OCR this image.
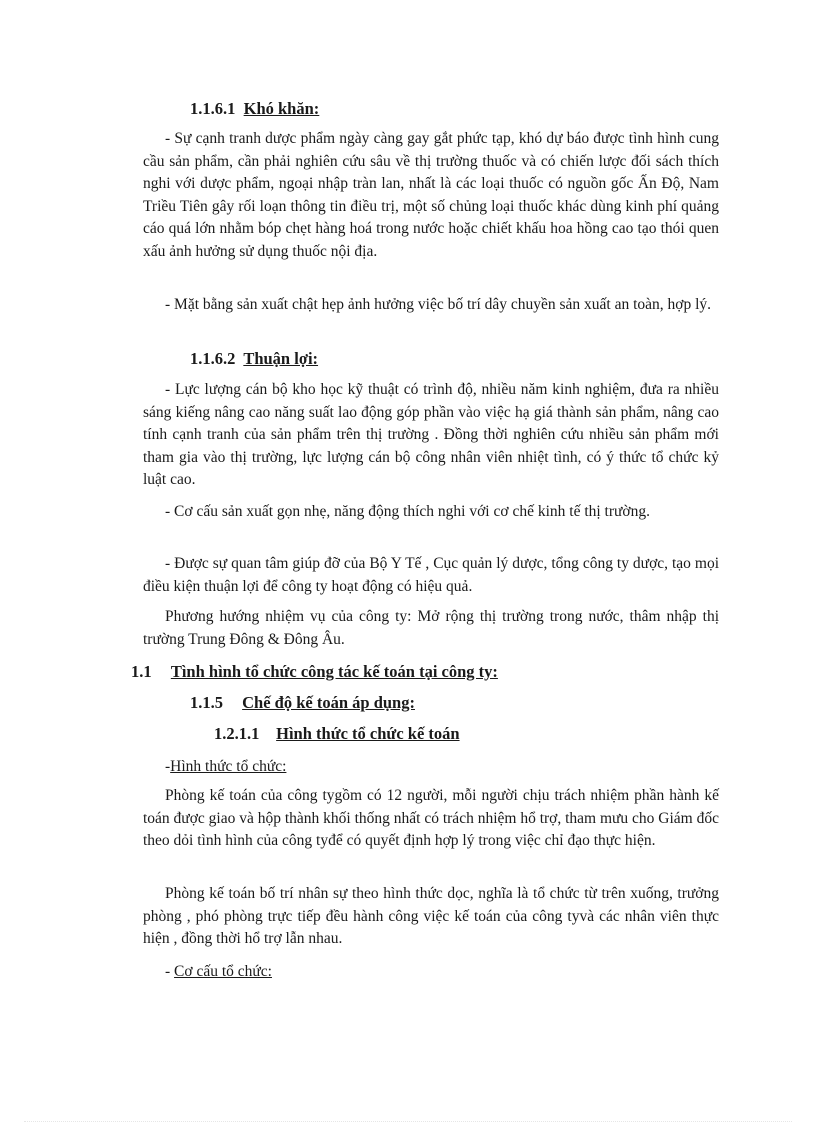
1.1.6.1 Khó khăn:

- Sự cạnh tranh dược phẩm ngày càng gay gắt phức tạp, khó dự báo được tình hình cung cầu sản phẩm, cần phải nghiên cứu sâu về thị trường thuốc và có chiến lược đối sách thích nghi với dược phẩm, ngoại nhập tràn lan, nhất là các loại thuốc có nguồn gốc Ấn Độ, Nam Triều Tiên gây rối loạn thông tin điều trị, một số chủng loại thuốc khác dùng kinh phí quảng cáo quá lớn nhằm bóp chẹt hàng hoá trong nước hoặc chiết khấu hoa hồng cao tạo thói quen xấu ảnh hưởng sử dụng thuốc nội địa.

- Mặt bằng sản xuất chật hẹp ảnh hưởng việc bố trí dây chuyền sản xuất an toàn, hợp lý.

1.1.6.2 Thuận lợi:

- Lực lượng cán bộ kho học kỹ thuật có trình độ, nhiều năm kinh nghiệm, đưa ra nhiều sáng kiếng nâng cao năng suất lao động góp phần vào việc hạ giá thành sản phẩm, nâng cao tính cạnh tranh của sản phẩm trên thị trường . Đồng thời nghiên cứu nhiều sản phẩm mới tham gia vào thị trường, lực lượng cán bộ công nhân viên nhiệt tình, có ý thức tổ chức kỷ luật cao.

- Cơ cấu sản xuất gọn nhẹ, năng động thích nghi với cơ chế kinh tế thị trường.

- Được sự quan tâm giúp đỡ của Bộ Y Tế , Cục quản lý dược, tổng công ty dược, tạo mọi điều kiện thuận lợi để công ty hoạt động có hiệu quả.

Phương hướng nhiệm vụ của công ty: Mở rộng thị trường trong nước, thâm nhập thị trường Trung Đông & Đông Âu.

1.1 Tình hình tổ chức công tác kế toán tại công ty:
1.1.5 Chế độ kế toán áp dụng:
1.2.1.1 Hình thức tổ chức kế toán

-Hình thức tổ chức:

Phòng kế toán của công tygồm có 12 người, mỗi người chịu trách nhiệm phần hành kế toán được giao và hộp thành khối thống nhất có trách nhiệm hổ trợ, tham mưu cho Giám đốc theo dỏi tình hình của công tyđể có quyết định hợp lý trong việc chỉ đạo thực hiện.

Phòng kế toán bố trí nhân sự theo hình thức dọc, nghĩa là tổ chức từ trên xuống, trưởng phòng , phó phòng trực tiếp đều hành công việc kế toán của công tyvà các nhân viên thực hiện , đồng thời hổ trợ lẫn nhau.

- Cơ cấu tổ chức:
